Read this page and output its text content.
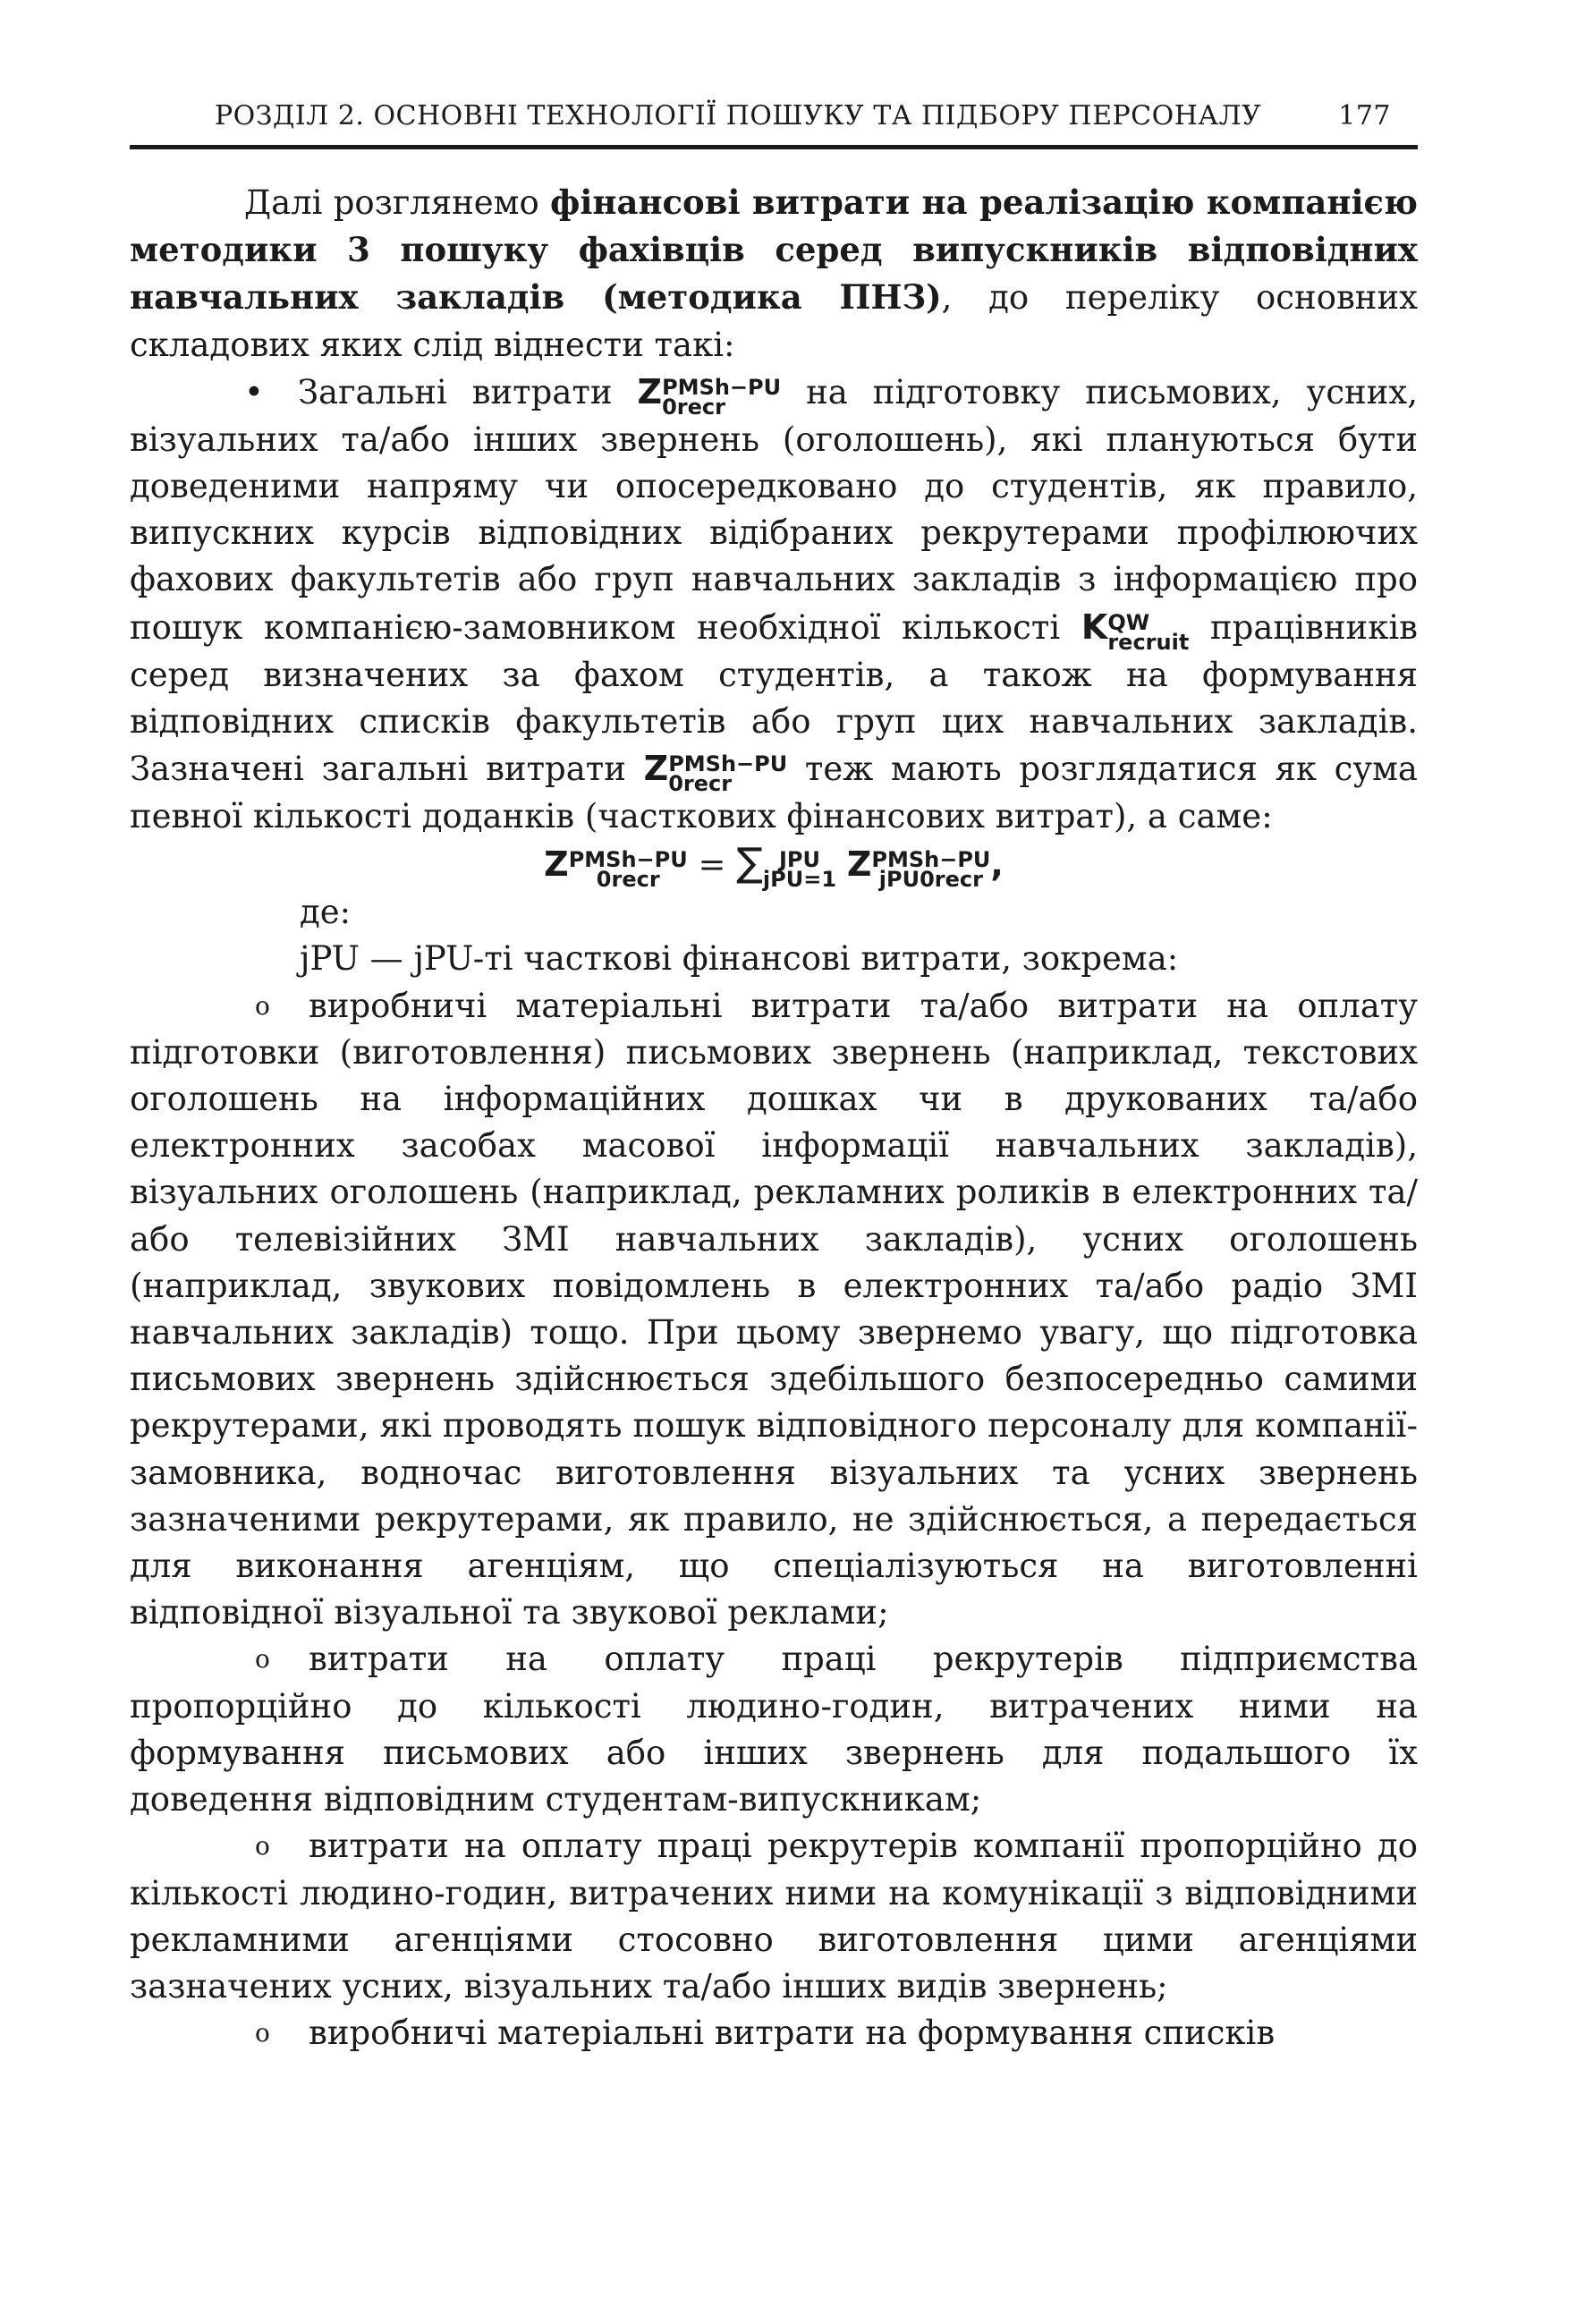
РОЗДІЛ 2. ОСНОВНІ ТЕХНОЛОГІЇ ПОШУКУ ТА ПІДБОРУ ПЕРСОНАЛУ	177

Далі розглянемо фінансові витрати на реалізацію компанією методики 3 пошуку фахівців серед випускників відповідних навчальних закладів (методика ПНЗ), до переліку основних складових яких слід віднести такі:

• Загальні витрати Z PMSh−PU
0recr	на підготовку письмових, усних, візуальних та/або інших звернень (оголошень), які плануються бути доведеними напряму чи опосередковано до студентів, як правило, випускних курсів відповідних відібраних рекрутерами профілюючих фахових факультетів або груп навчальних закладів з інформацією про пошук компанією-замовником необхідної кількості K QW
recruit працівників серед визначених за фахом студентів, а також на формування відповідних списків факультетів або груп цих навчальних закладів. Зазначені загальні витрати Z PMSh−PU
0recr	теж мають розглядатися як сума певної кількості доданків (часткових фінансових витрат), а саме:

Z PMSh−PU
0recr = ∑ JPU
jPU=1 Z PMSh−PU
jPU0recr ,

де:

jPU — jPU-ті часткові фінансові витрати, зокрема:

o виробничі матеріальні витрати та/або витрати на оплату підготовки (виготовлення) письмових звернень (наприклад, текстових оголошень на інформаційних дошках чи в друкованих та/або електронних засобах масової інформації навчальних закладів), візуальних оголошень (наприклад, рекламних роликів в електронних та/або телевізійних ЗМІ навчальних закладів), усних оголошень (наприклад, звукових повідомлень в електронних та/або радіо ЗМІ навчальних закладів) тощо. При цьому звернемо увагу, що підготовка письмових звернень здійснюється здебільшого безпосередньо самими рекрутерами, які проводять пошук відповідного персоналу для компанії-замовника, водночас виготовлення візуальних та усних звернень зазначеними рекрутерами, як правило, не здійснюється, а передається для виконання агенціям, що спеціалізуються на виготовленні відповідної візуальної та звукової реклами;

o витрати на оплату праці рекрутерів підприємства пропорційно до кількості людино-годин, витрачених ними на формування письмових або інших звернень для подальшого їх доведення відповідним студентам-випускникам;

o витрати на оплату праці рекрутерів компанії пропорційно до кількості людино-годин, витрачених ними на комунікації з відповідними рекламними агенціями стосовно виготовлення цими агенціями зазначених усних, візуальних та/або інших видів звернень;

o виробничі матеріальні витрати на формування списків
